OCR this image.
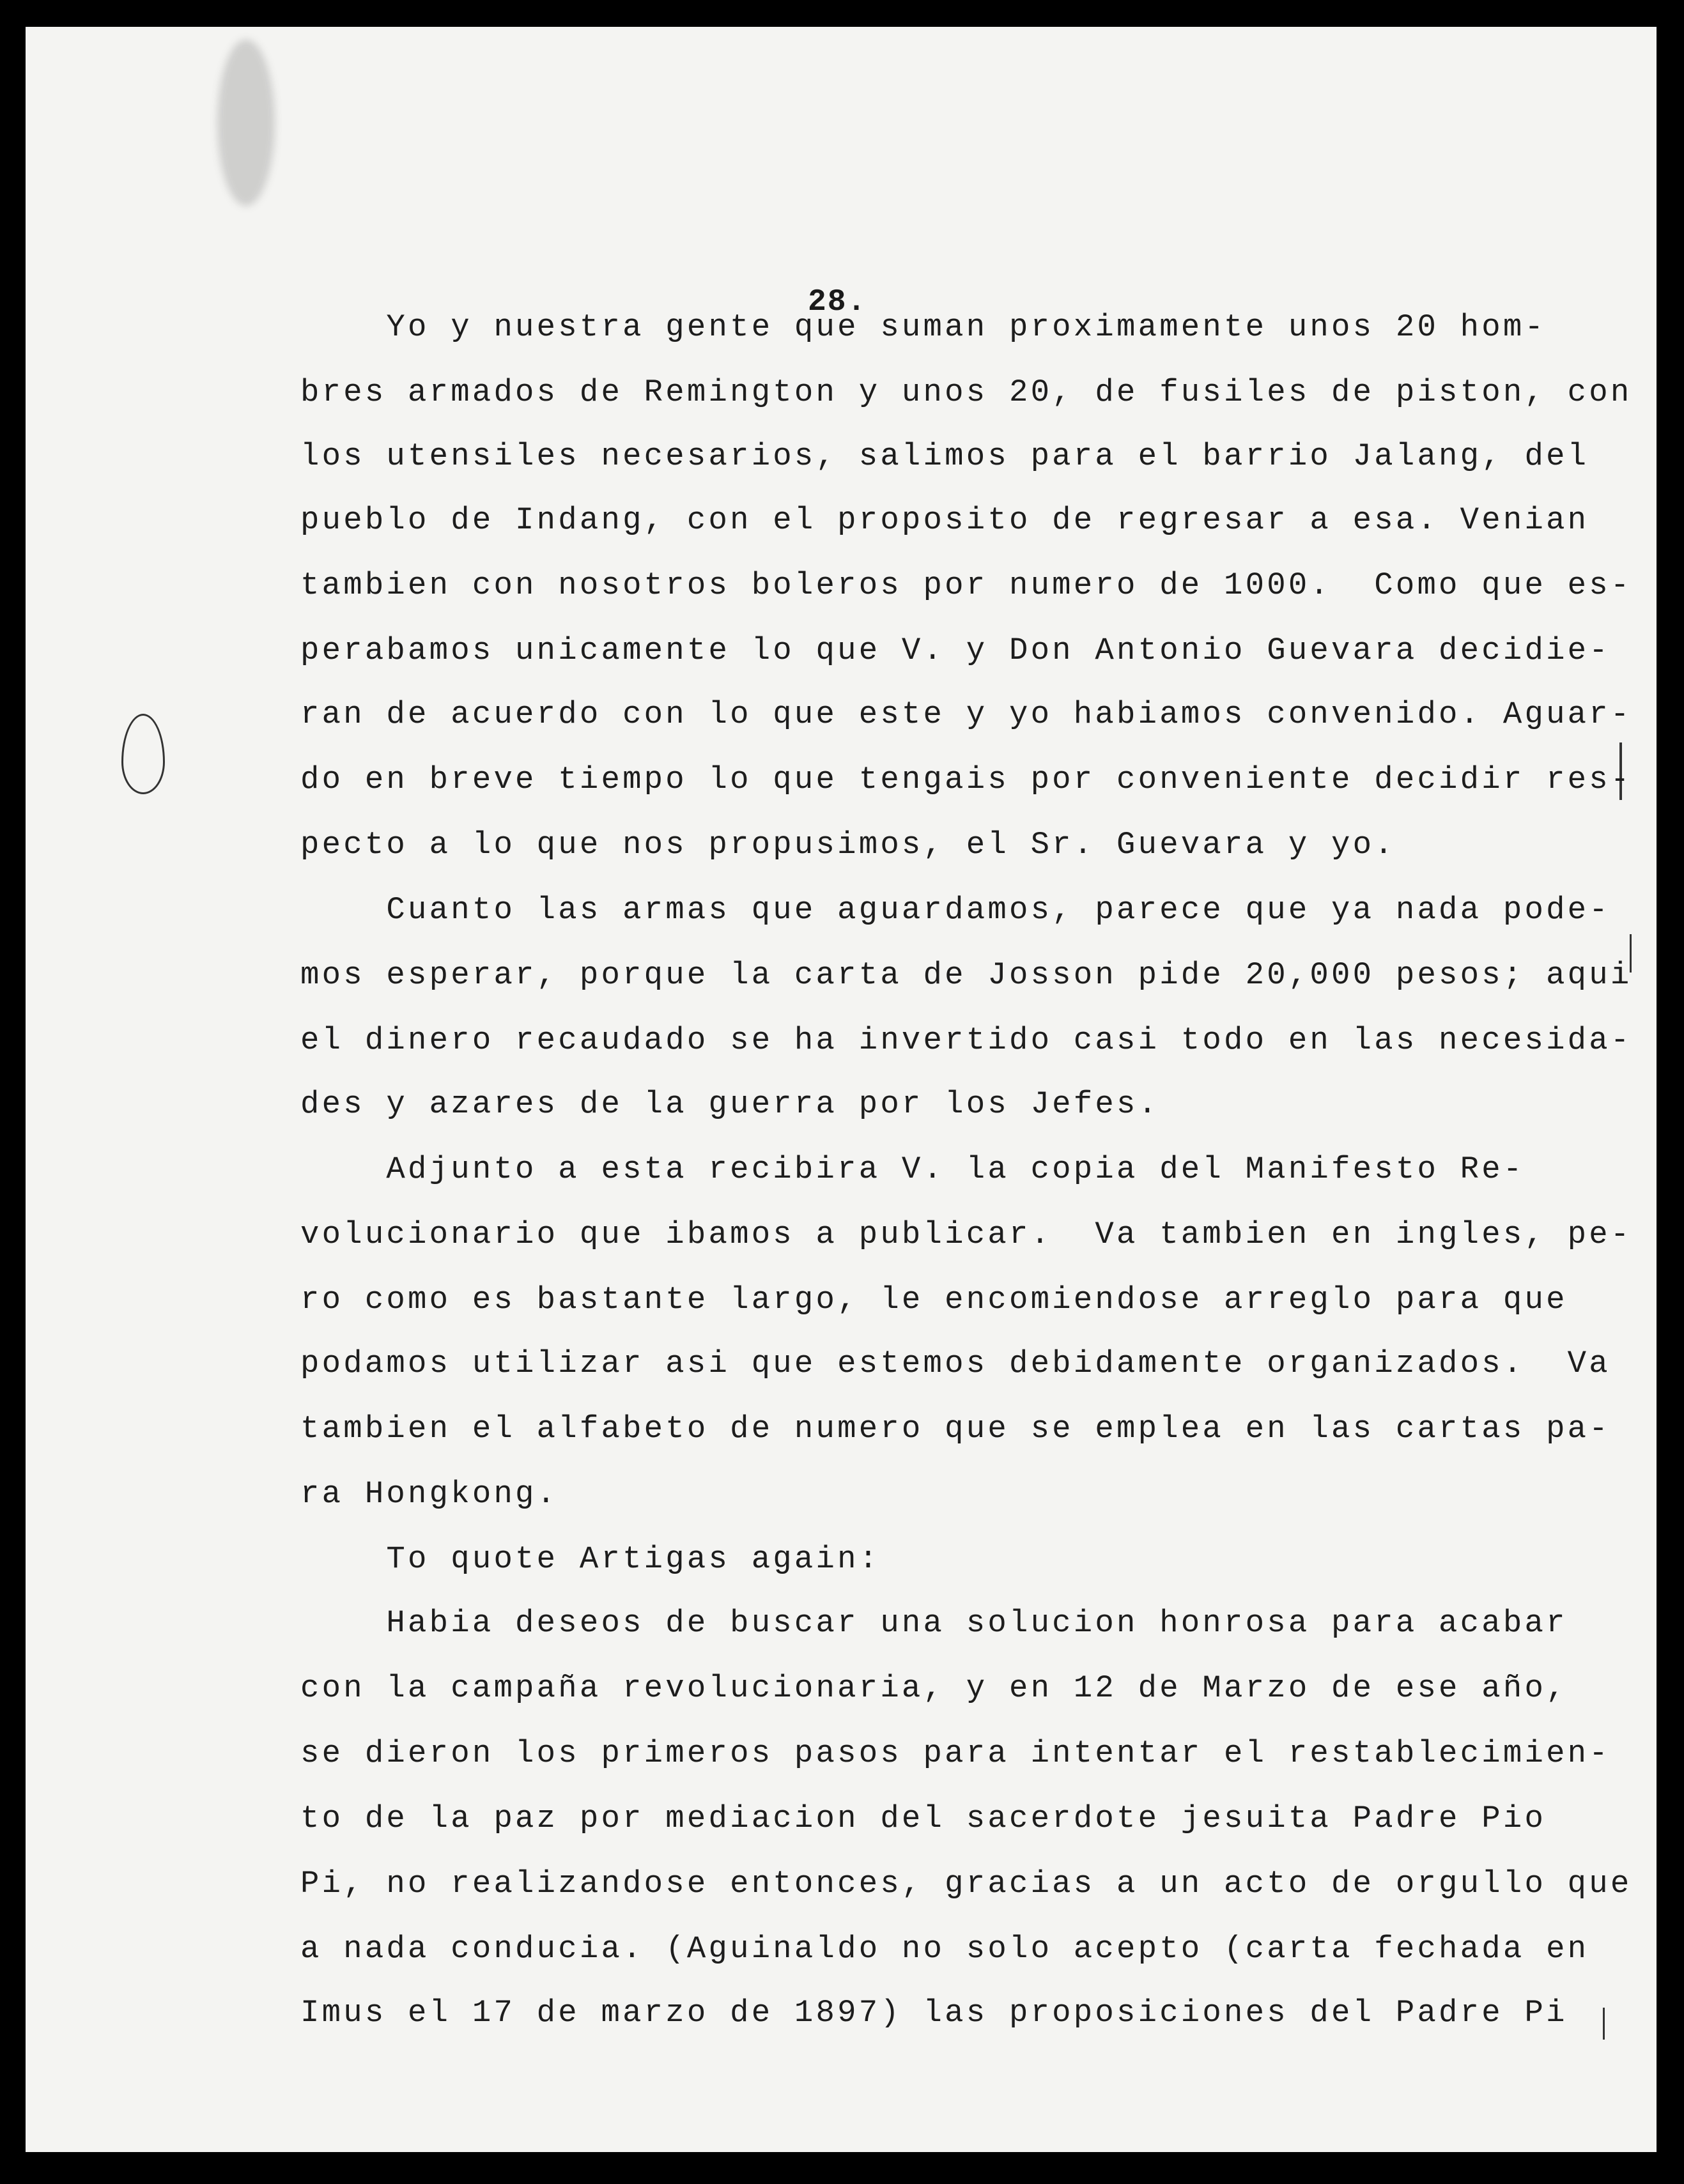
28.

Yo y nuestra gente que suman proximamente unos 20 hom-

bres armados de Remington y unos 20, de fusiles de piston, con

los utensiles necesarios, salimos para el barrio Jalang, del

pueblo de Indang, con el proposito de regresar a esa. Venian

tambien con nosotros boleros por numero de 1000.  Como que es-

perabamos unicamente lo que V. y Don Antonio Guevara decidie-

ran de acuerdo con lo que este y yo habiamos convenido. Aguar-

do en breve tiempo lo que tengais por conveniente decidir res-

pecto a lo que nos propusimos, el Sr. Guevara y yo.

Cuanto las armas que aguardamos, parece que ya nada pode-

mos esperar, porque la carta de Josson pide 20,000 pesos; aqui

el dinero recaudado se ha invertido casi todo en las necesida-

des y azares de la guerra por los Jefes.

Adjunto a esta recibira V. la copia del Manifesto Re-

volucionario que ibamos a publicar.  Va tambien en ingles, pe-

ro como es bastante largo, le encomiendose arreglo para que

podamos utilizar asi que estemos debidamente organizados.  Va

tambien el alfabeto de numero que se emplea en las cartas pa-

ra Hongkong.

To quote Artigas again:

Habia deseos de buscar una solucion honrosa para acabar

con la campaña revolucionaria, y en 12 de Marzo de ese año,

se dieron los primeros pasos para intentar el restablecimien-

to de la paz por mediacion del sacerdote jesuita Padre Pio

Pi, no realizandose entonces, gracias a un acto de orgullo que

a nada conducia. (Aguinaldo no solo acepto (carta fechada en

Imus el 17 de marzo de 1897) las proposiciones del Padre Pi
